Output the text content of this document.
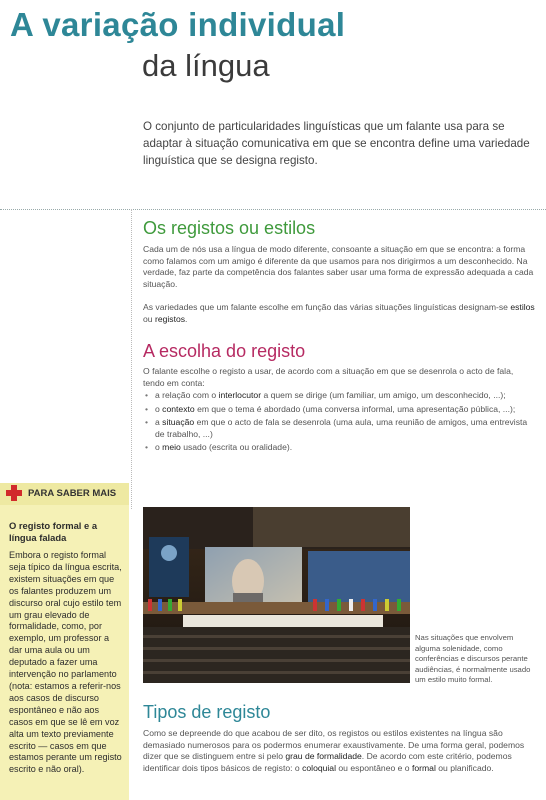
A variação individual
da língua
O conjunto de particularidades linguísticas que um falante usa para se adaptar à situação comunicativa em que se encontra define uma variedade linguística que se designa registo.
Os registos ou estilos
Cada um de nós usa a língua de modo diferente, consoante a situação em que se encontra: a forma como falamos com um amigo é diferente da que usamos para nos dirigirmos a um desconhecido. Na verdade, faz parte da competência dos falantes saber usar uma forma de expressão adequada a cada situação.
As variedades que um falante escolhe em função das várias situações linguísticas designam-se estilos ou registos.
A escolha do registo
O falante escolhe o registo a usar, de acordo com a situação em que se desenrola o acto de fala, tendo em conta:
• a relação com o interlocutor a quem se dirige (um familiar, um amigo, um desconhecido, ...);
• o contexto em que o tema é abordado (uma conversa informal, uma apresentação pública, ...);
• a situação em que o acto de fala se desenrola (uma aula, uma reunião de amigos, uma entrevista de trabalho, ...)
• o meio usado (escrita ou oralidade).
PARA SABER MAIS
O registo formal e a língua falada
Embora o registo formal seja típico da língua escrita, existem situações em que os falantes produzem um discurso oral cujo estilo tem um grau elevado de formalidade, como, por exemplo, um professor a dar uma aula ou um deputado a fazer uma intervenção no parlamento (nota: estamos a referir-nos aos casos de discurso espontâneo e não aos casos em que se lê em voz alta um texto previamente escrito — casos em que estamos perante um registo escrito e não oral).
Nas situações que envolvem alguma solenidade, como conferências e discursos perante audiências, é normalmente usado um estilo muito formal.
Tipos de registo
Como se depreende do que acabou de ser dito, os registos ou estilos existentes na língua são demasiado numerosos para os podermos enumerar exaustivamente. De uma forma geral, podemos dizer que se distinguem entre si pelo grau de formalidade. De acordo com este critério, podemos identificar dois tipos básicos de registo: o coloquial ou espontâneo e o formal ou planificado.
